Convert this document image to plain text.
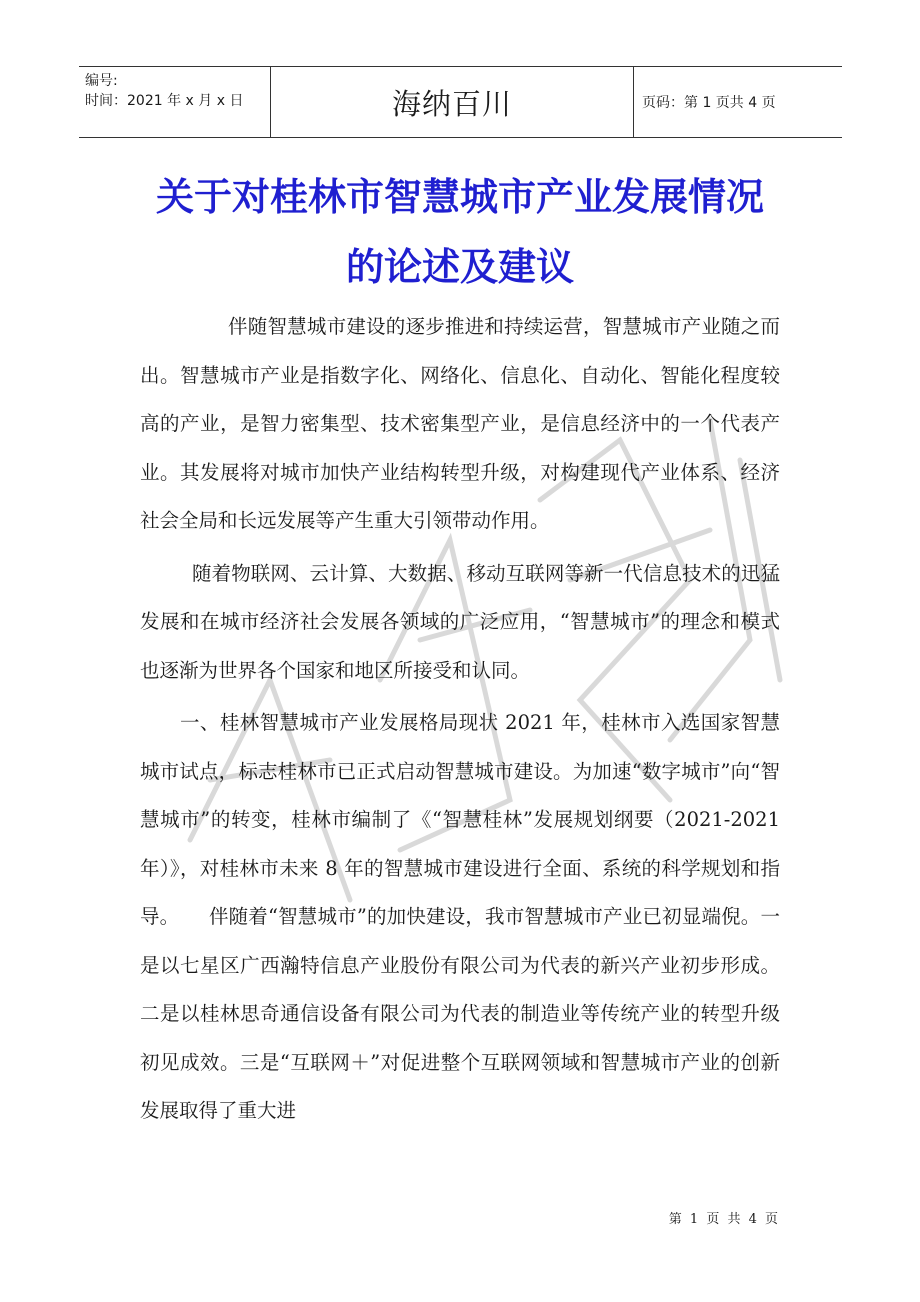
编号:
时间：2021 年 x 月 x 日	海纳百川	页码：第 1 页共 4 页
关于对桂林市智慧城市产业发展情况的论述及建议

伴随智慧城市建设的逐步推进和持续运营，智慧城市产业随之而出。智慧城市产业是指数字化、网络化、信息化、自动化、智能化程度较高的产业，是智力密集型、技术密集型产业，是信息经济中的一个代表产业。其发展将对城市加快产业结构转型升级，对构建现代产业体系、经济社会全局和长远发展等产生重大引领带动作用。

随着物联网、云计算、大数据、移动互联网等新一代信息技术的迅猛发展和在城市经济社会发展各领域的广泛应用，“智慧城市”的理念和模式也逐渐为世界各个国家和地区所接受和认同。

一、桂林智慧城市产业发展格局现状 2021 年，桂林市入选国家智慧城市试点，标志桂林市已正式启动智慧城市建设。为加速“数字城市”向“智慧城市”的转变，桂林市编制了《“智慧桂林”发展规划纲要（2021-2021 年）》，对桂林市未来 8 年的智慧城市建设进行全面、系统的科学规划和指导。　　伴随着“智慧城市”的加快建设，我市智慧城市产业已初显端倪。一是以七星区广西瀚特信息产业股份有限公司为代表的新兴产业初步形成。二是以桂林思奇通信设备有限公司为代表的制造业等传统产业的转型升级初见成效。三是“互联网＋”对促进整个互联网领域和智慧城市产业的创新发展取得了重大进

第 1 页 共 4 页
